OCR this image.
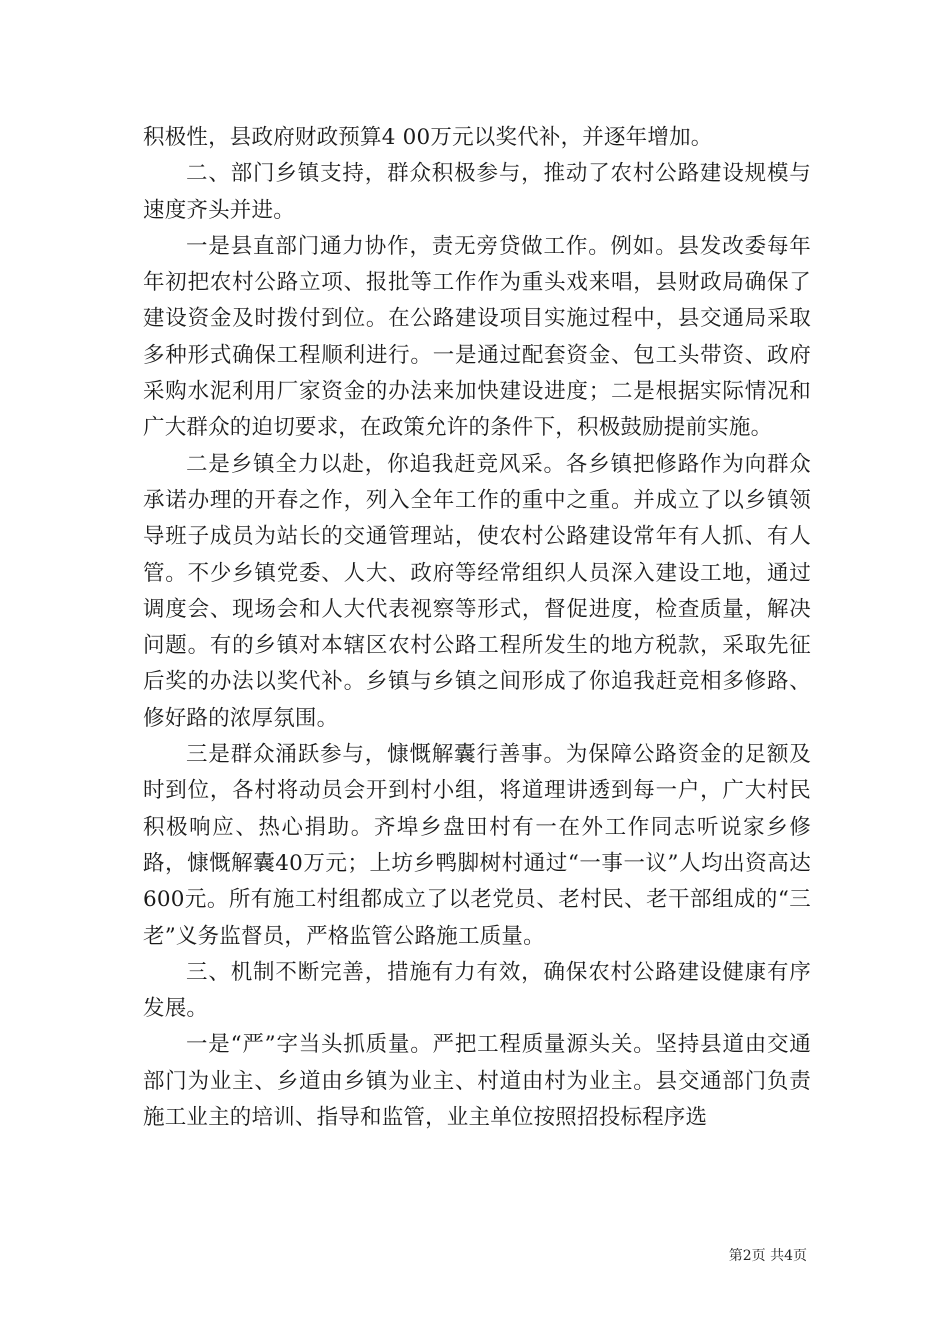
积极性，县政府财政预算4 00万元以奖代补，并逐年增加。

二、部门乡镇支持，群众积极参与，推动了农村公路建设规模与速度齐头并进。

一是县直部门通力协作，责无旁贷做工作。例如。县发改委每年年初把农村公路立项、报批等工作作为重头戏来唱，县财政局确保了建设资金及时拨付到位。在公路建设项目实施过程中，县交通局采取多种形式确保工程顺利进行。一是通过配套资金、包工头带资、政府采购水泥利用厂家资金的办法来加快建设进度；二是根据实际情况和广大群众的迫切要求，在政策允许的条件下，积极鼓励提前实施。

二是乡镇全力以赴，你追我赶竞风采。各乡镇把修路作为向群众承诺办理的开春之作，列入全年工作的重中之重。并成立了以乡镇领导班子成员为站长的交通管理站，使农村公路建设常年有人抓、有人管。不少乡镇党委、人大、政府等经常组织人员深入建设工地，通过调度会、现场会和人大代表视察等形式，督促进度，检查质量，解决问题。有的乡镇对本辖区农村公路工程所发生的地方税款，采取先征后奖的办法以奖代补。乡镇与乡镇之间形成了你追我赶竞相多修路、修好路的浓厚氛围。

三是群众涌跃参与，慷慨解囊行善事。为保障公路资金的足额及时到位，各村将动员会开到村小组，将道理讲透到每一户，广大村民积极响应、热心捐助。齐埠乡盘田村有一在外工作同志听说家乡修路，慷慨解囊40万元；上坊乡鸭脚树村通过“一事一议”人均出资高达600元。所有施工村组都成立了以老党员、老村民、老干部组成的“三老”义务监督员，严格监管公路施工质量。

三、机制不断完善，措施有力有效，确保农村公路建设健康有序发展。

一是“严”字当头抓质量。严把工程质量源头关。坚持县道由交通部门为业主、乡道由乡镇为业主、村道由村为业主。县交通部门负责施工业主的培训、指导和监管，业主单位按照招投标程序选

第2页 共4页
